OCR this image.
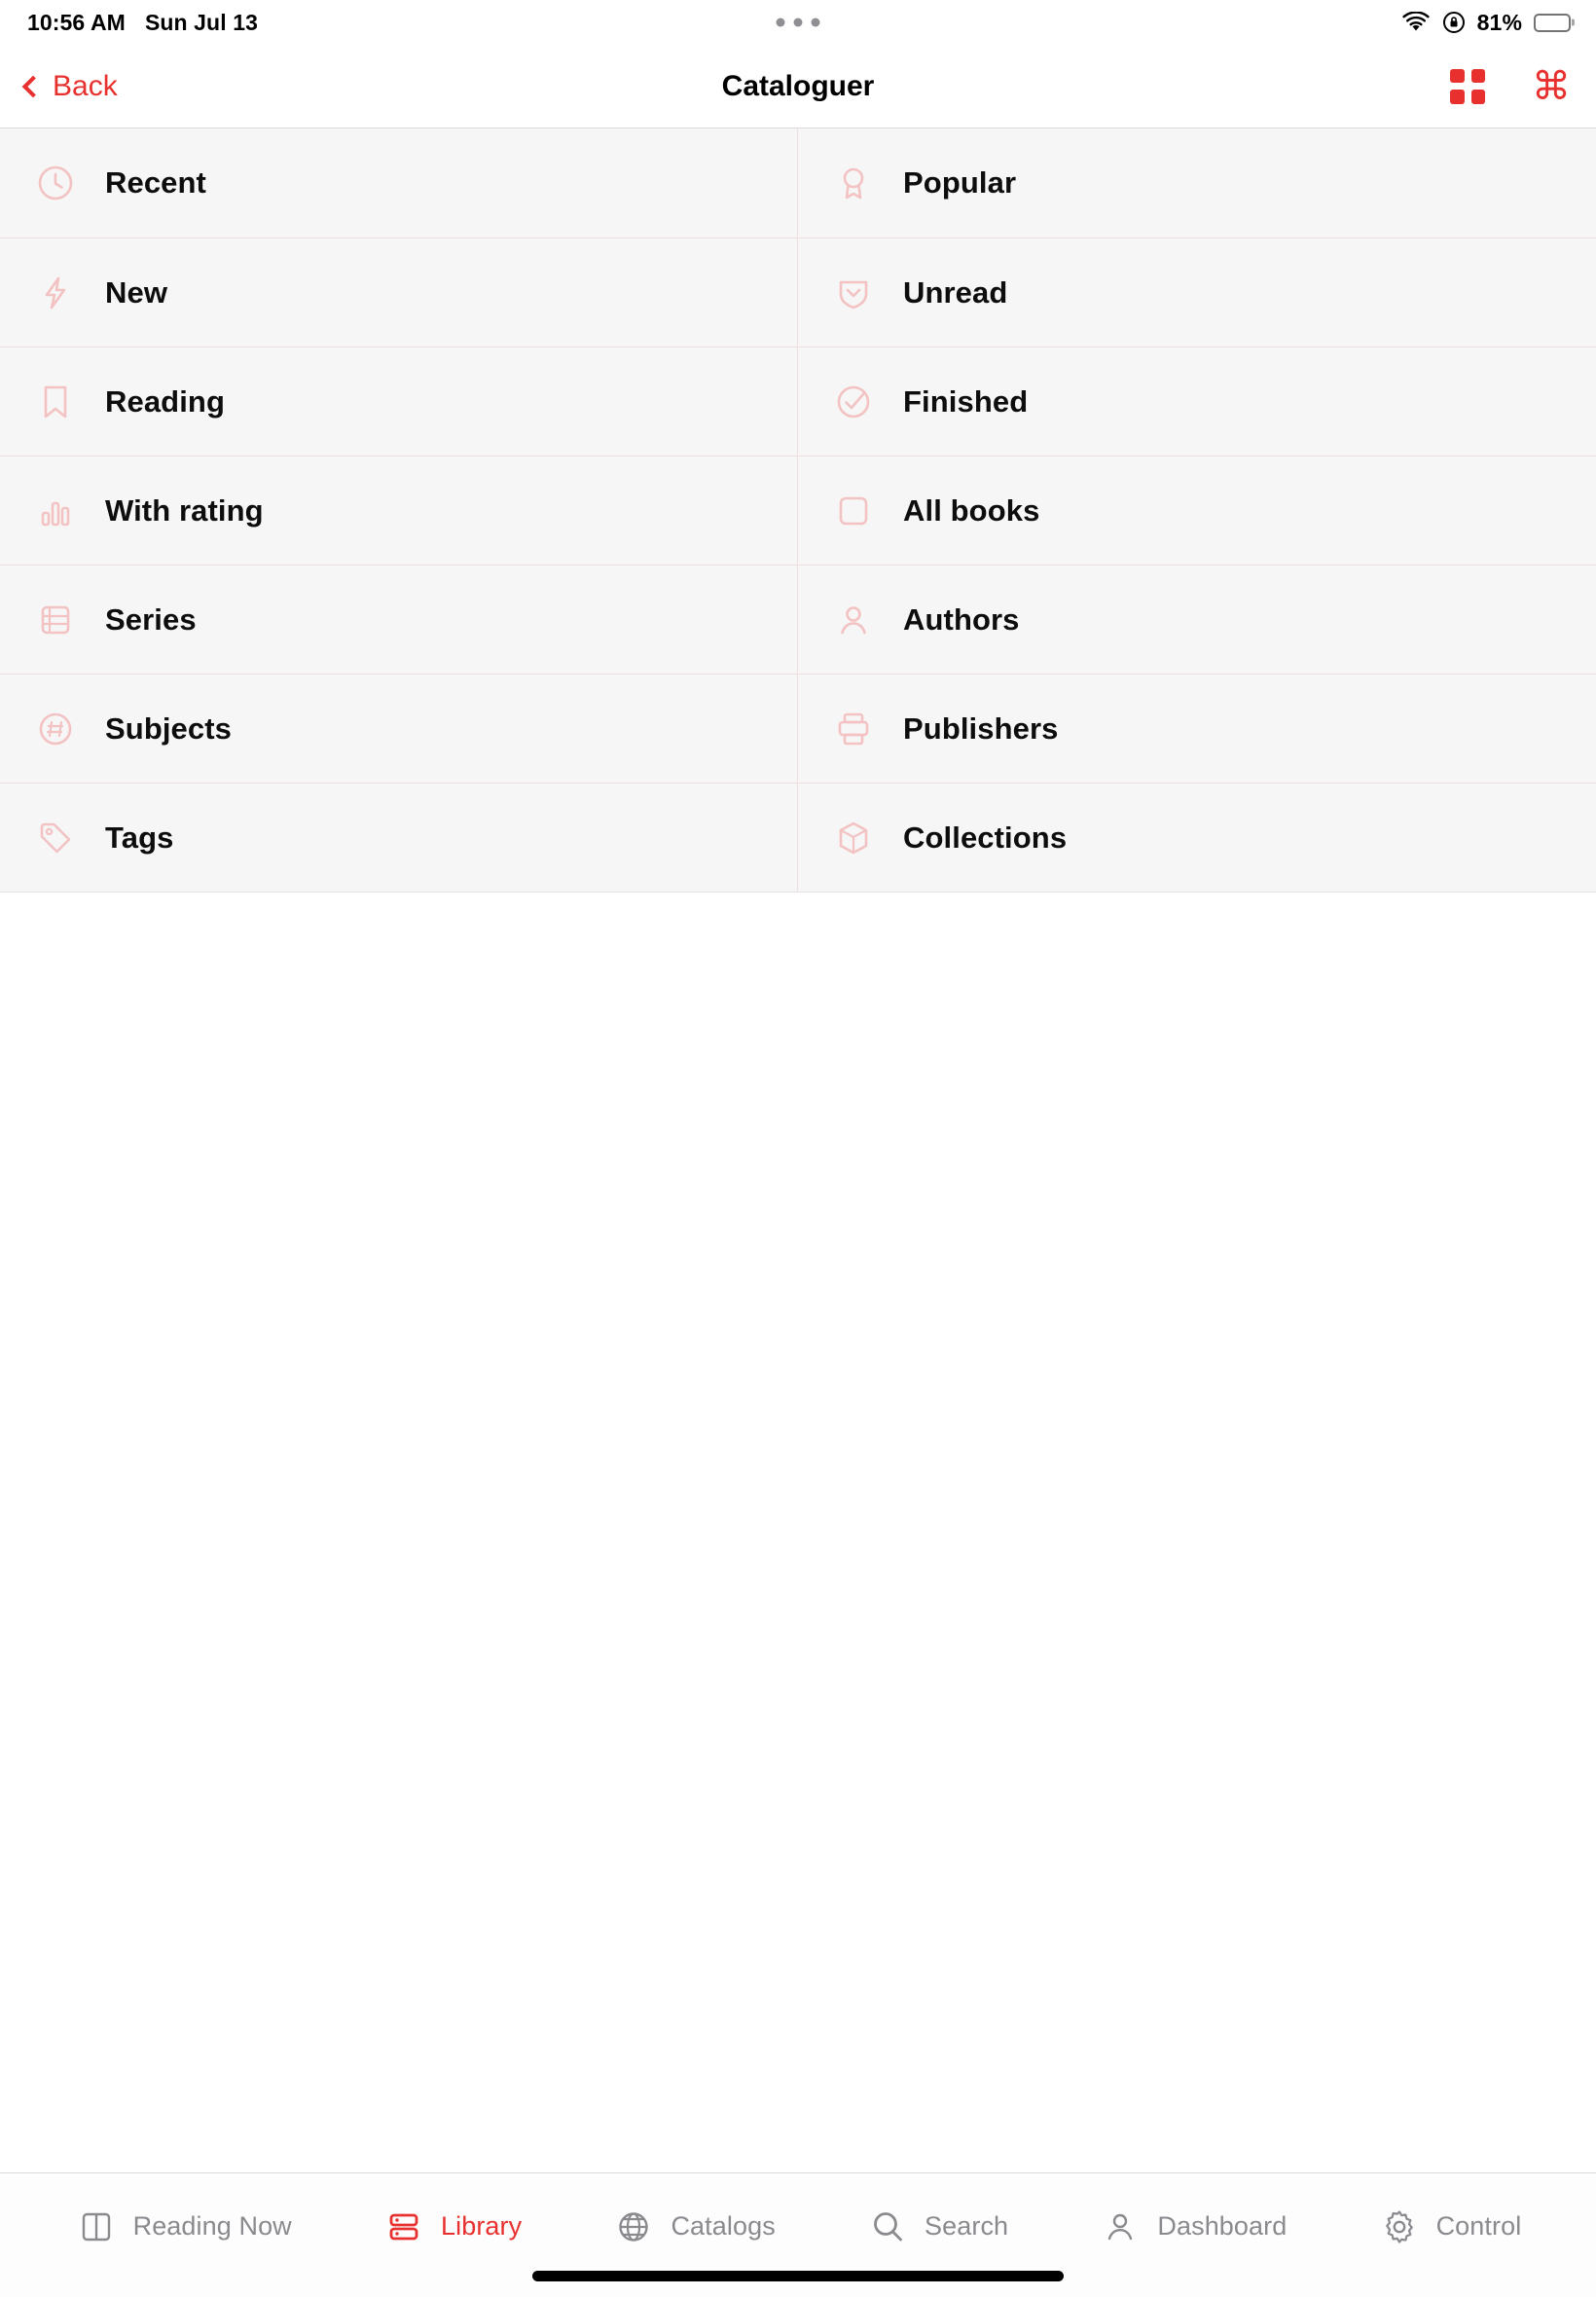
10:56 AM Sun Jul 13	81%
Back	Cataloguer	⌘
Recent	Popular
New	Unread
Reading	Finished
With rating	All books
Series	Authors
Subjects	Publishers
Tags	Collections
Reading Now	Library	Catalogs	Search	Dashboard	Control
